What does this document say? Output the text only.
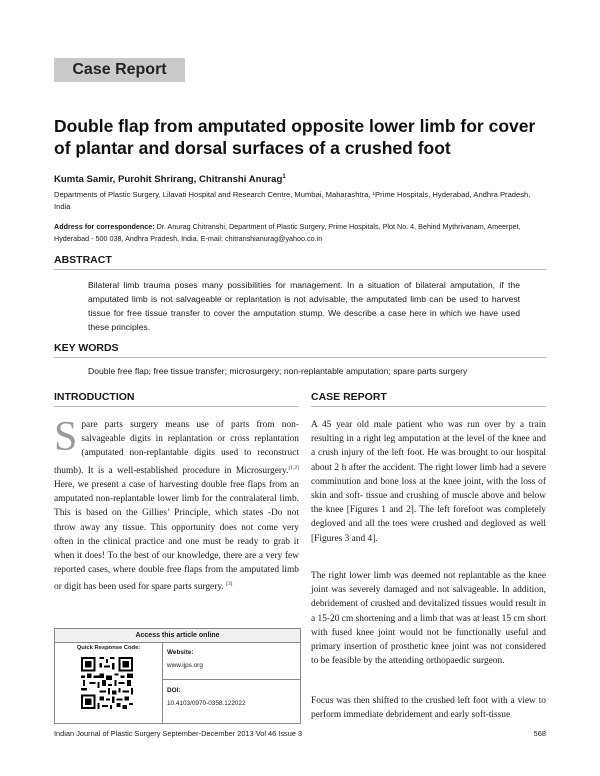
Case Report
Double flap from amputated opposite lower limb for cover of plantar and dorsal surfaces of a crushed foot
Kumta Samir, Purohit Shrirang, Chitranshi Anurag$^1$
Departments of Plastic Surgery, Lilavati Hospital and Research Centre, Mumbai, Maharashtra, ¹Prime Hospitals, Hyderabad, Andhra Pradesh, India
Address for correspondence: Dr. Anurag Chitranshi, Department of Plastic Surgery, Prime Hospitals, Plot No. 4, Behind Mythrivanam, Ameerpet, Hyderabad - 500 038, Andhra Pradesh, India. E-mail: chitranshianurag@yahoo.co.in
ABSTRACT
Bilateral limb trauma poses many possibilities for management. In a situation of bilateral amputation, if the amputated limb is not salvageable or replantation is not advisable, the amputated limb can be used to harvest tissue for free tissue transfer to cover the amputation stump. We describe a case here in which we have used these principles.
KEY WORDS
Double free flap; free tissue transfer; microsurgery; non-replantable amputation; spare parts surgery
INTRODUCTION
Spare parts surgery means use of parts from non-salvageable digits in replantation or cross replantation (amputated non-replantable digits used to reconstruct thumb). It is a well-established procedure in Microsurgery.[1,2] Here, we present a case of harvesting double free flaps from an amputated non-replantable lower limb for the contralateral limb. This is based on the Gillies’ Principle, which states -Do not throw away any tissue. This opportunity does not come very often in the clinical practice and one must be ready to grab it when it does! To the best of our knowledge, there are a very few reported cases, where double free flaps from the amputated limb or digit has been used for spare parts surgery. [3]
Access this article online
Quick Response Code:
Website:
www.ijps.org
DOI:
10.4103/0970-0358.122022
CASE REPORT
A 45 year old male patient who was run over by a train resulting in a right leg amputation at the level of the knee and a crush injury of the left foot. He was brought to our hospital about 2 h after the accident. The right lower limb had a severe comminution and bone loss at the knee joint, with the loss of skin and soft- tissue and crushing of muscle above and below the knee [Figures 1 and 2]. The left forefoot was completely degloved and all the toes were crushed and degloved as well [Figures 3 and 4].
The right lower limb was deemed not replantable as the knee joint was severely damaged and not salvageable. In addition, debridement of crushed and devitalized tissues would result in a 15-20 cm shortening and a limb that was at least 15 cm short with fused knee joint would not be functionally useful and primary insertion of prosthetic knee joint was not considered to be feasible by the attending orthopaedic surgeon.
Focus was then shifted to the crushed left foot with a view to perform immediate debridement and early soft-tissue
Indian Journal of Plastic Surgery September-December 2013 Vol 46 Issue 3	568
